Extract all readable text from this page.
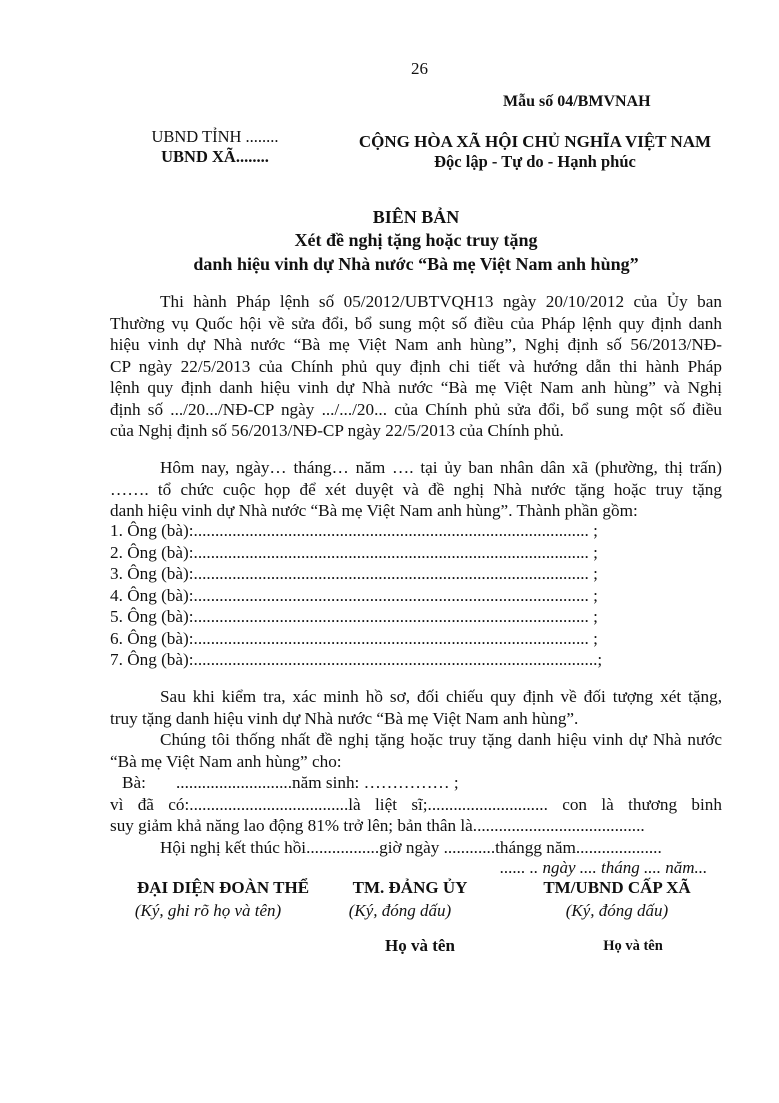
26
Mẫu số 04/BMVNAH
UBND TỈNH ........
UBND XÃ........
CỘNG HÒA XÃ HỘI CHỦ NGHĨA VIỆT NAM
Độc lập - Tự do - Hạnh phúc
BIÊN BẢN
Xét đề nghị tặng hoặc truy tặng
danh hiệu vinh dự Nhà nước “Bà mẹ Việt Nam anh hùng”
Thi hành Pháp lệnh số 05/2012/UBTVQH13 ngày 20/10/2012 của Ủy ban
Thường vụ Quốc hội về sửa đổi, bổ sung một số điều của Pháp lệnh quy định danh
hiệu vinh dự Nhà nước “Bà mẹ Việt Nam anh hùng”, Nghị định số 56/2013/NĐ-
CP ngày 22/5/2013 của Chính phủ quy định chi tiết và hướng dẫn thi hành Pháp
lệnh quy định danh hiệu vinh dự Nhà nước “Bà mẹ Việt Nam anh hùng” và Nghị
định số .../20.../NĐ-CP ngày .../.../20... của Chính phủ sửa đổi, bổ sung một số điều
của Nghị định số 56/2013/NĐ-CP ngày 22/5/2013 của Chính phủ.
Hôm nay, ngày… tháng… năm …. tại ủy ban nhân dân xã (phường, thị trấn)
……. tổ chức cuộc họp để xét duyệt và đề nghị Nhà nước tặng hoặc truy tặng
danh hiệu vinh dự Nhà nước “Bà mẹ Việt Nam anh hùng”. Thành phần gồm:
1. Ông (bà):............................................................................................ ;
2. Ông (bà):............................................................................................ ;
3. Ông (bà):............................................................................................ ;
4. Ông (bà):............................................................................................ ;
5. Ông (bà):............................................................................................ ;
6. Ông (bà):............................................................................................ ;
7. Ông (bà):..............................................................................................;
Sau khi kiểm tra, xác minh hồ sơ, đối chiếu quy định về đối tượng xét tặng,
truy tặng danh hiệu vinh dự Nhà nước “Bà mẹ Việt Nam anh hùng”.
Chúng tôi thống nhất đề nghị tặng hoặc truy tặng danh hiệu vinh dự Nhà nước
“Bà mẹ Việt Nam anh hùng” cho:
Bà:	...........................năm sinh: …………… ;
vì đã có:.....................................là liệt sĩ;............................ con là thương binh
suy giảm khả năng lao động 81% trở lên; bản thân là........................................
Hội nghị kết thúc hồi.................giờ ngày ............thángg năm....................
...... .. ngày .... tháng .... năm...
ĐẠI DIỆN ĐOÀN THỂ
(Ký, ghi rõ họ và tên)
TM. ĐẢNG ỦY
(Ký, đóng dấu)
Họ và tên
TM/UBND CẤP XÃ
(Ký, đóng dấu)
Họ và tên
